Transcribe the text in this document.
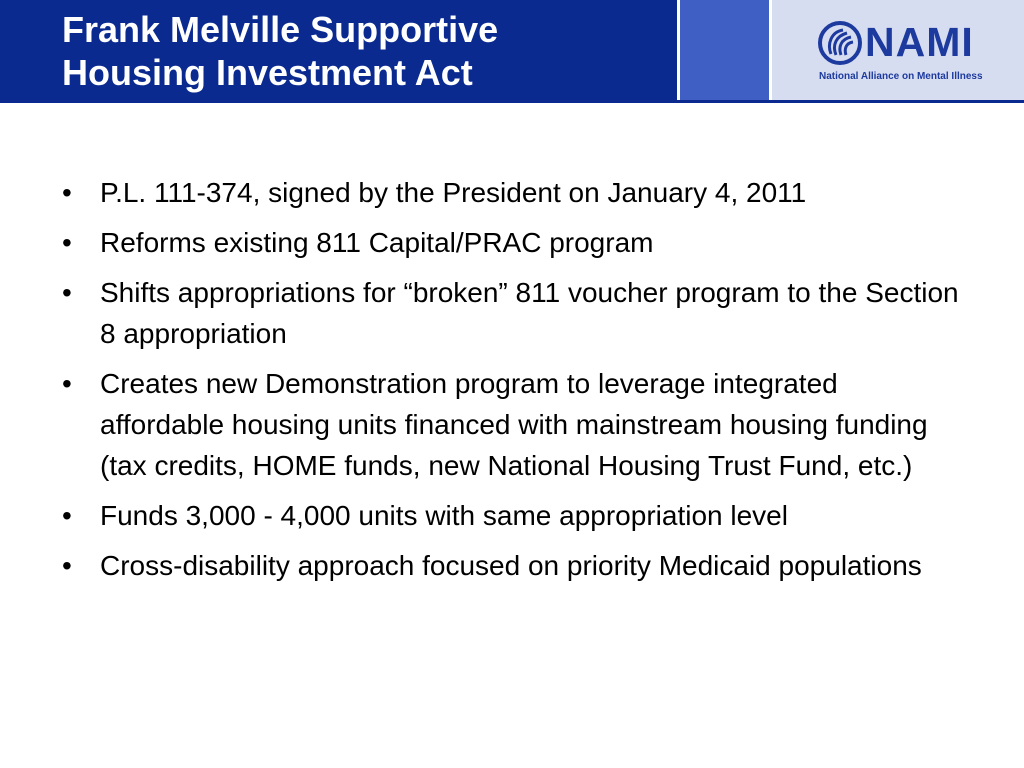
Frank Melville Supportive
Housing Investment Act
NAMI
National Alliance on Mental Illness
• P.L. 111-374, signed by the President on January 4, 2011
• Reforms existing 811 Capital/PRAC program
• Shifts appropriations for “broken” 811 voucher program to the Section 8 appropriation
• Creates new Demonstration program to leverage integrated affordable housing units financed with mainstream housing funding (tax credits, HOME funds, new National Housing Trust Fund, etc.)
• Funds 3,000 - 4,000 units with same appropriation level
• Cross-disability approach focused on priority Medicaid populations
